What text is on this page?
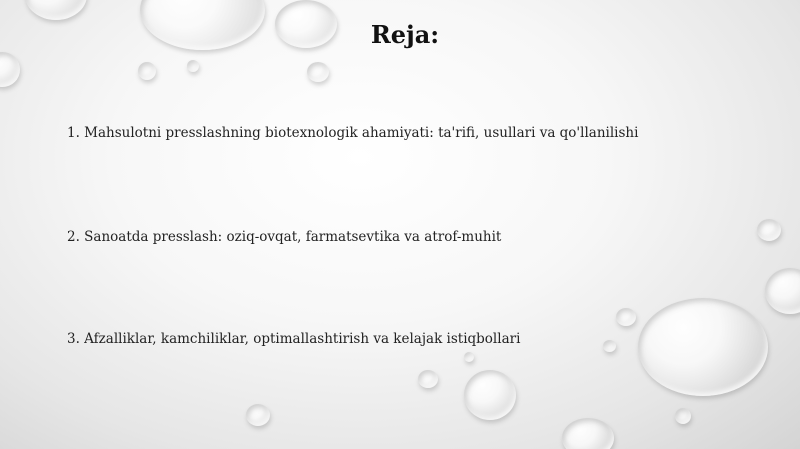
Reja:
1. Mahsulotni presslashning biotexnologik ahamiyati: ta'rifi, usullari va qo'llanilishi
2. Sanoatda presslash: oziq-ovqat, farmatsevtika va atrof-muhit
3. Afzalliklar, kamchiliklar, optimallashtirish va kelajak istiqbollari
